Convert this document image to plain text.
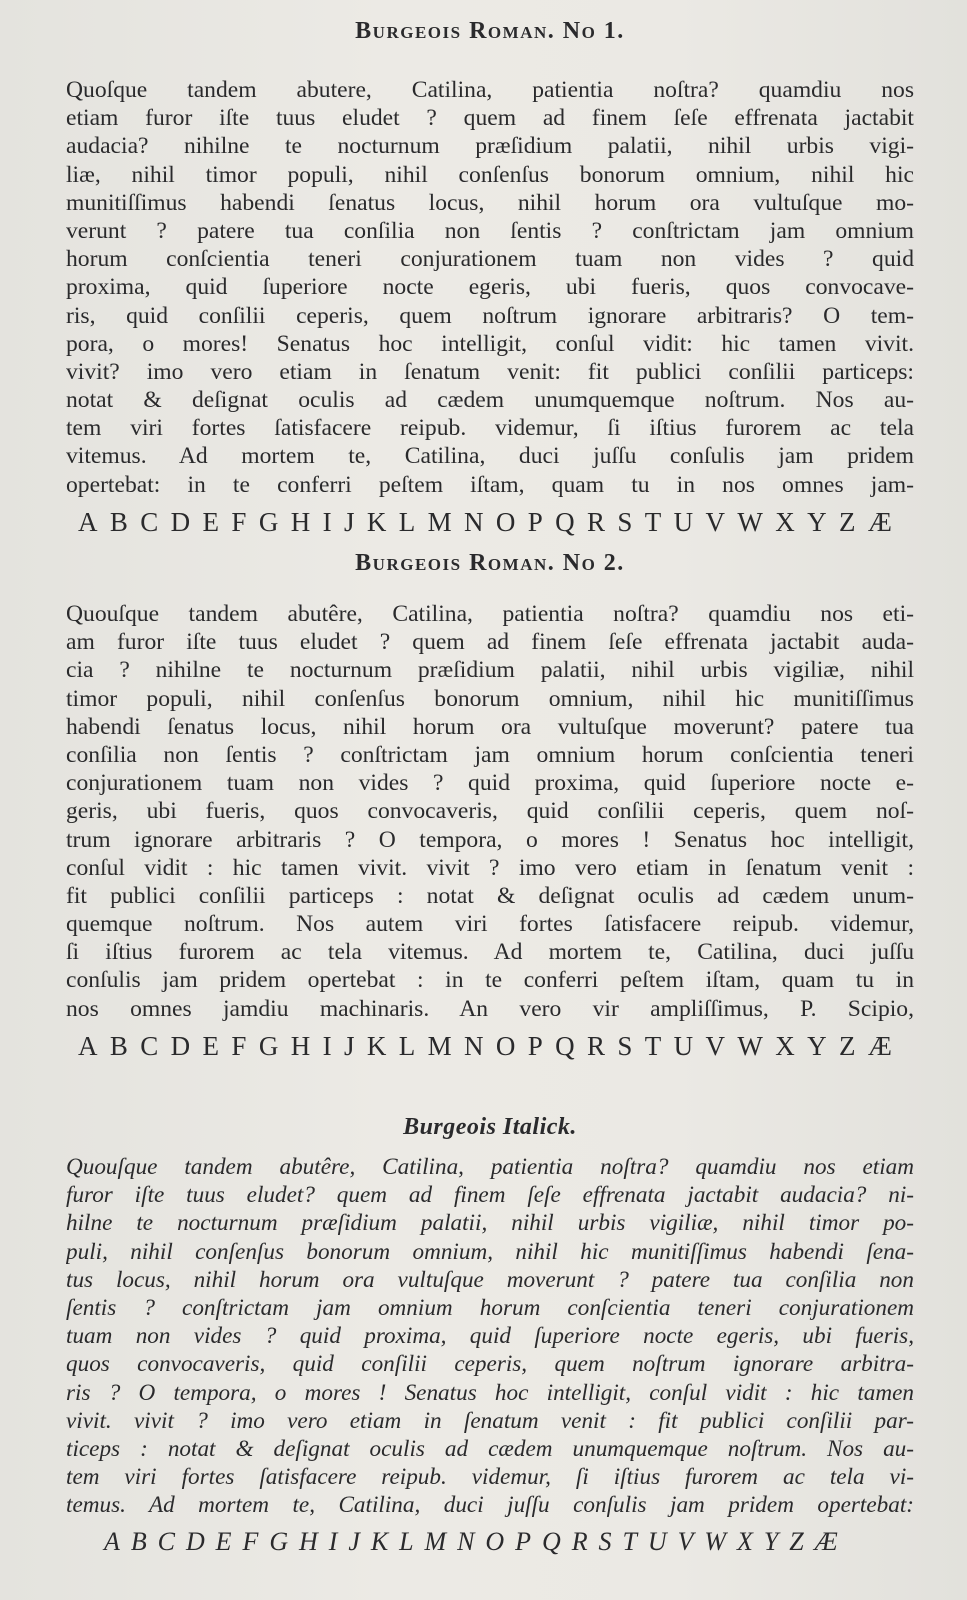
Burgeois Roman. No 1.
Quoſque tandem abutere, Catilina, patientia noſtra? quamdiu nos
etiam furor iſte tuus eludet ? quem ad finem ſeſe effrenata jactabit
audacia? nihilne te nocturnum præſidium palatii, nihil urbis vigi-
liæ, nihil timor populi, nihil conſenſus bonorum omnium, nihil hic
munitiſſimus habendi ſenatus locus, nihil horum ora vultuſque mo-
verunt ? patere tua conſilia non ſentis ? conſtrictam jam omnium
horum conſcientia teneri conjurationem tuam non vides ? quid
proxima, quid ſuperiore nocte egeris, ubi fueris, quos convocave-
ris, quid conſilii ceperis, quem noſtrum ignorare arbitraris? O tem-
pora, o mores! Senatus hoc intelligit, conſul vidit: hic tamen vivit.
vivit? imo vero etiam in ſenatum venit: fit publici conſilii particeps:
notat & deſignat oculis ad cædem unumquemque noſtrum. Nos au-
tem viri fortes ſatisfacere reipub. videmur, ſi iſtius furorem ac tela
vitemus. Ad mortem te, Catilina, duci juſſu conſulis jam pridem
opertebat: in te conferri peſtem iſtam, quam tu in nos omnes jam-
A B C D E F G H I J K L M N O P Q R S T U V W X Y Z Æ
Burgeois Roman. No 2.
Quouſque tandem abutêre, Catilina, patientia noſtra? quamdiu nos eti-
am furor iſte tuus eludet ? quem ad finem ſeſe effrenata jactabit auda-
cia ? nihilne te nocturnum præſidium palatii, nihil urbis vigiliæ, nihil
timor populi, nihil conſenſus bonorum omnium, nihil hic munitiſſimus
habendi ſenatus locus, nihil horum ora vultuſque moverunt? patere tua
conſilia non ſentis ? conſtrictam jam omnium horum conſcientia teneri
conjurationem tuam non vides ? quid proxima, quid ſuperiore nocte e-
geris, ubi fueris, quos convocaveris, quid conſilii ceperis, quem noſ-
trum ignorare arbitraris ? O tempora, o mores ! Senatus hoc intelligit,
conſul vidit : hic tamen vivit. vivit ? imo vero etiam in ſenatum venit :
fit publici conſilii particeps : notat & deſignat oculis ad cædem unum-
quemque noſtrum. Nos autem viri fortes ſatisfacere reipub. videmur,
ſi iſtius furorem ac tela vitemus. Ad mortem te, Catilina, duci juſſu
conſulis jam pridem opertebat : in te conferri peſtem iſtam, quam tu in
nos omnes jamdiu machinaris. An vero vir ampliſſimus, P. Scipio,
A B C D E F G H I J K L M N O P Q R S T U V W X Y Z Æ
Burgeois Italick.
Quouſque tandem abutêre, Catilina, patientia noſtra? quamdiu nos etiam
furor iſte tuus eludet? quem ad finem ſeſe effrenata jactabit audacia? ni-
hilne te nocturnum præſidium palatii, nihil urbis vigiliæ, nihil timor po-
puli, nihil conſenſus bonorum omnium, nihil hic munitiſſimus habendi ſena-
tus locus, nihil horum ora vultuſque moverunt ? patere tua conſilia non
ſentis ? conſtrictam jam omnium horum conſcientia teneri conjurationem
tuam non vides ? quid proxima, quid ſuperiore nocte egeris, ubi fueris,
quos convocaveris, quid conſilii ceperis, quem noſtrum ignorare arbitra-
ris ? O tempora, o mores ! Senatus hoc intelligit, conſul vidit : hic tamen
vivit. vivit ? imo vero etiam in ſenatum venit : fit publici conſilii par-
ticeps : notat & deſignat oculis ad cædem unumquemque noſtrum. Nos au-
tem viri fortes ſatisfacere reipub. videmur, ſi iſtius furorem ac tela vi-
temus. Ad mortem te, Catilina, duci juſſu conſulis jam pridem opertebat:
A B C D E F G H I J K L M N O P Q R S T U V W X Y Z Æ
